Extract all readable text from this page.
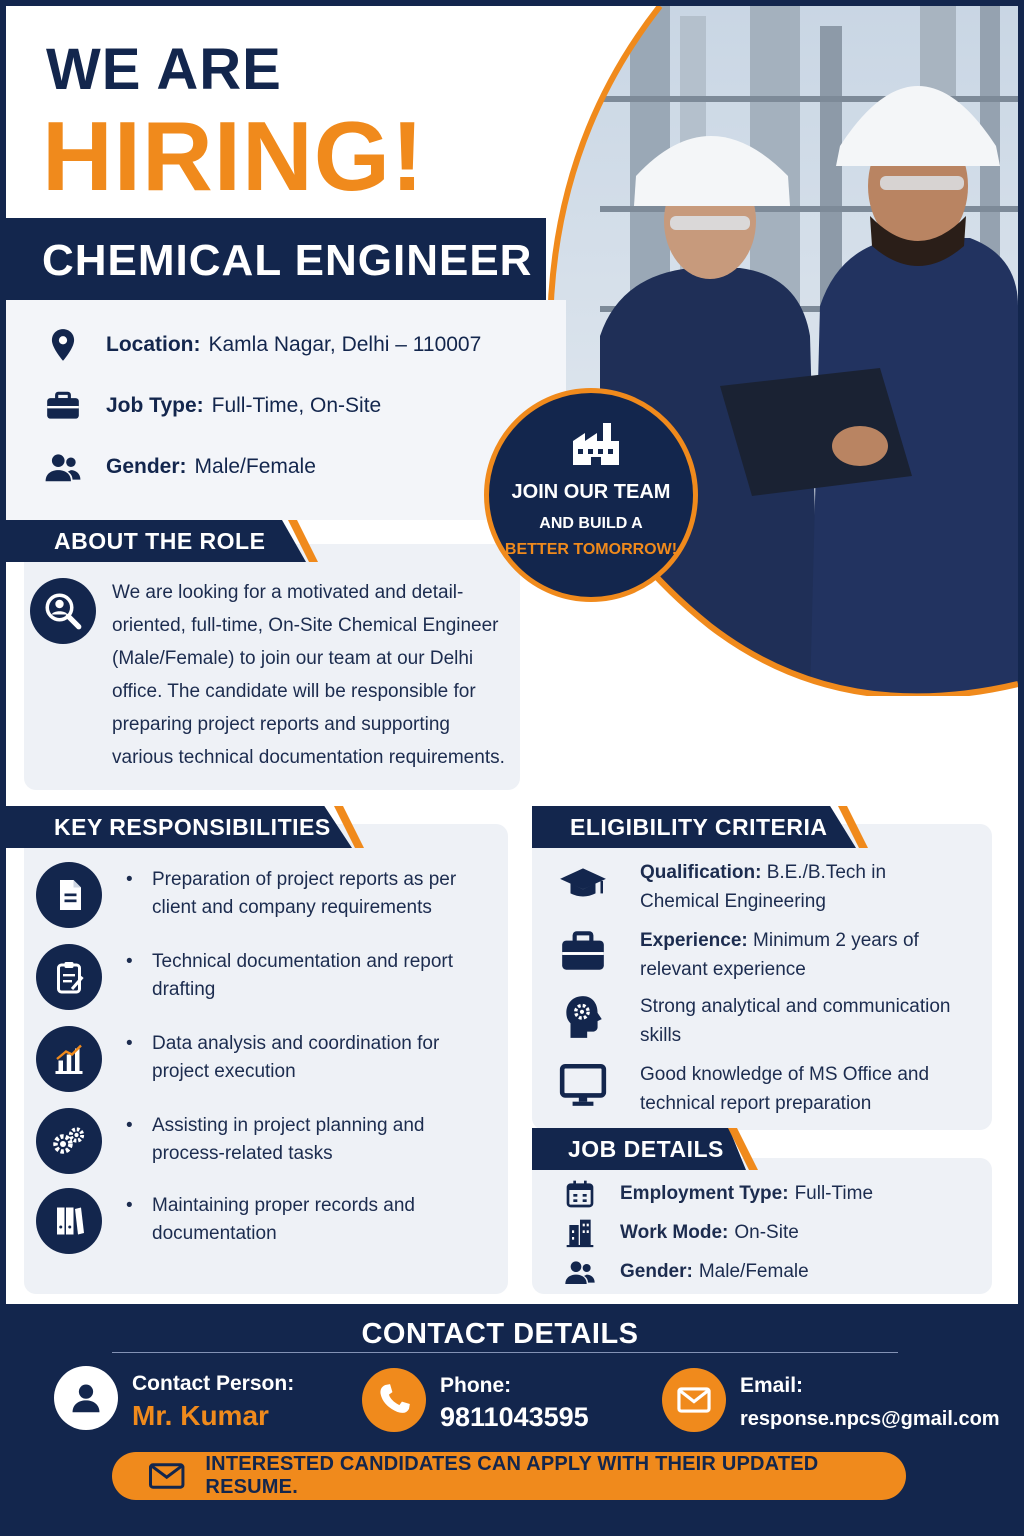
WE ARE
HIRING!
CHEMICAL ENGINEER
Location: Kamla Nagar, Delhi – 110007
Job Type: Full-Time, On-Site
Gender: Male/Female
JOIN OUR TEAM
AND BUILD A
BETTER TOMORROW!
ABOUT THE ROLE
We are looking for a motivated and detail-oriented, full-time, On-Site Chemical Engineer (Male/Female) to join our team at our Delhi office. The candidate will be responsible for preparing project reports and supporting various technical documentation requirements.
KEY RESPONSIBILITIES
• Preparation of project reports as per client and company requirements
• Technical documentation and report drafting
• Data analysis and coordination for project execution
• Assisting in project planning and process-related tasks
• Maintaining proper records and documentation
ELIGIBILITY CRITERIA
Qualification: B.E./B.Tech in Chemical Engineering
Experience: Minimum 2 years of relevant experience
Strong analytical and communication skills
Good knowledge of MS Office and technical report preparation
JOB DETAILS
Employment Type: Full-Time
Work Mode: On-Site
Gender: Male/Female
CONTACT DETAILS
Contact Person:
Mr. Kumar
Phone:
9811043595
Email:
response.npcs@gmail.com
INTERESTED CANDIDATES CAN APPLY WITH THEIR UPDATED RESUME.
